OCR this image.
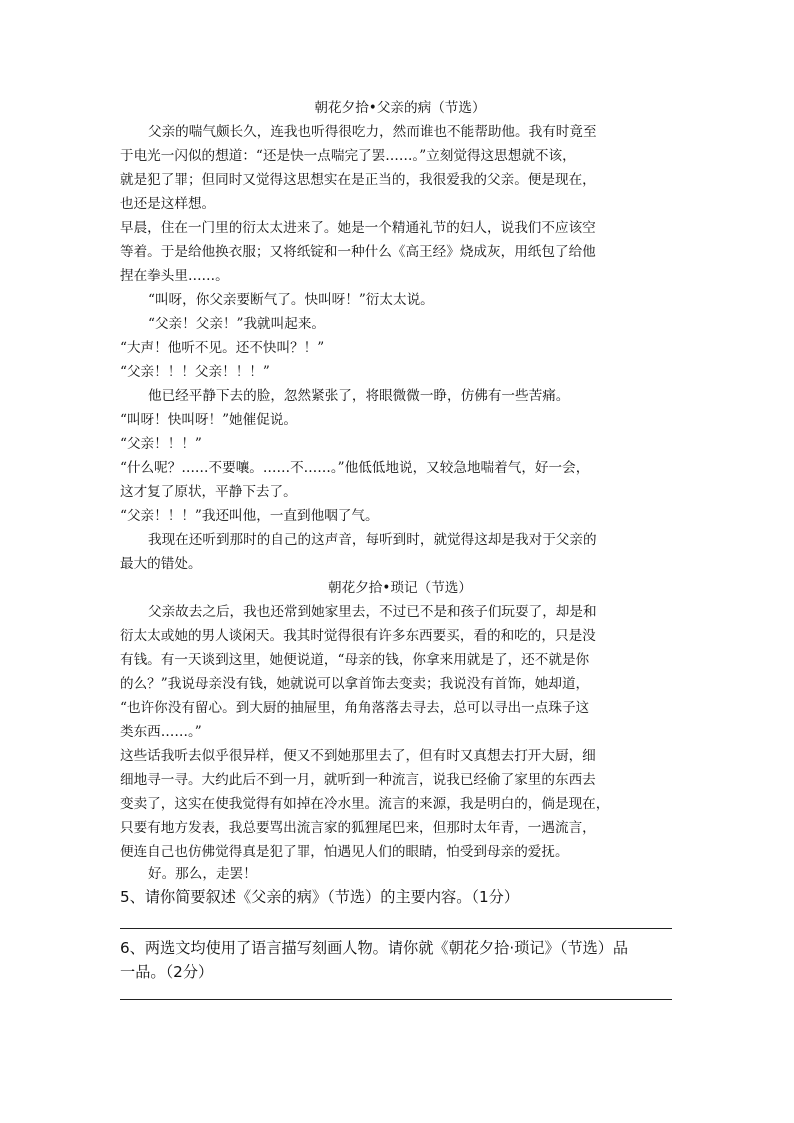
朝花夕拾•父亲的病（节选）
父亲的喘气颇长久，连我也听得很吃力，然而谁也不能帮助他。我有时竟至
于电光一闪似的想道：“还是快一点喘完了罢……。”立刻觉得这思想就不该，
就是犯了罪；但同时又觉得这思想实在是正当的，我很爱我的父亲。便是现在，
也还是这样想。
早晨，住在一门里的衍太太进来了。她是一个精通礼节的妇人，说我们不应该空
等着。于是给他换衣服；又将纸锭和一种什么《高王经》烧成灰，用纸包了给他
捏在拳头里……。
“叫呀，你父亲要断气了。快叫呀！”衍太太说。
“父亲！父亲！”我就叫起来。
“大声！他听不见。还不快叫？！”
“父亲！！！父亲！！！”
他已经平静下去的脸，忽然紧张了，将眼微微一睁，仿佛有一些苦痛。
“叫呀！快叫呀！”她催促说。
“父亲！！！”
“什么呢？……不要嚷。……不……。”他低低地说，又较急地喘着气，好一会，
这才复了原状，平静下去了。
“父亲！！！”我还叫他，一直到他咽了气。
我现在还听到那时的自己的这声音，每听到时，就觉得这却是我对于父亲的
最大的错处。
朝花夕拾•琐记（节选）
父亲故去之后，我也还常到她家里去，不过已不是和孩子们玩耍了，却是和
衍太太或她的男人谈闲天。我其时觉得很有许多东西要买，看的和吃的，只是没
有钱。有一天谈到这里，她便说道，“母亲的钱，你拿来用就是了，还不就是你
的么？”我说母亲没有钱，她就说可以拿首饰去变卖；我说没有首饰，她却道，
“也许你没有留心。到大厨的抽屉里，角角落落去寻去，总可以寻出一点珠子这
类东西……。”
这些话我听去似乎很异样，便又不到她那里去了，但有时又真想去打开大厨，细
细地寻一寻。大约此后不到一月，就听到一种流言，说我已经偷了家里的东西去
变卖了，这实在使我觉得有如掉在冷水里。流言的来源，我是明白的，倘是现在，
只要有地方发表，我总要骂出流言家的狐狸尾巴来，但那时太年青，一遇流言，
便连自己也仿佛觉得真是犯了罪，怕遇见人们的眼睛，怕受到母亲的爱抚。
好。那么，走罢！
5、请你简要叙述《父亲的病》（节选）的主要内容。（1分）
6、两选文均使用了语言描写刻画人物。请你就《朝花夕拾·琐记》（节选）品
一品。（2分）
